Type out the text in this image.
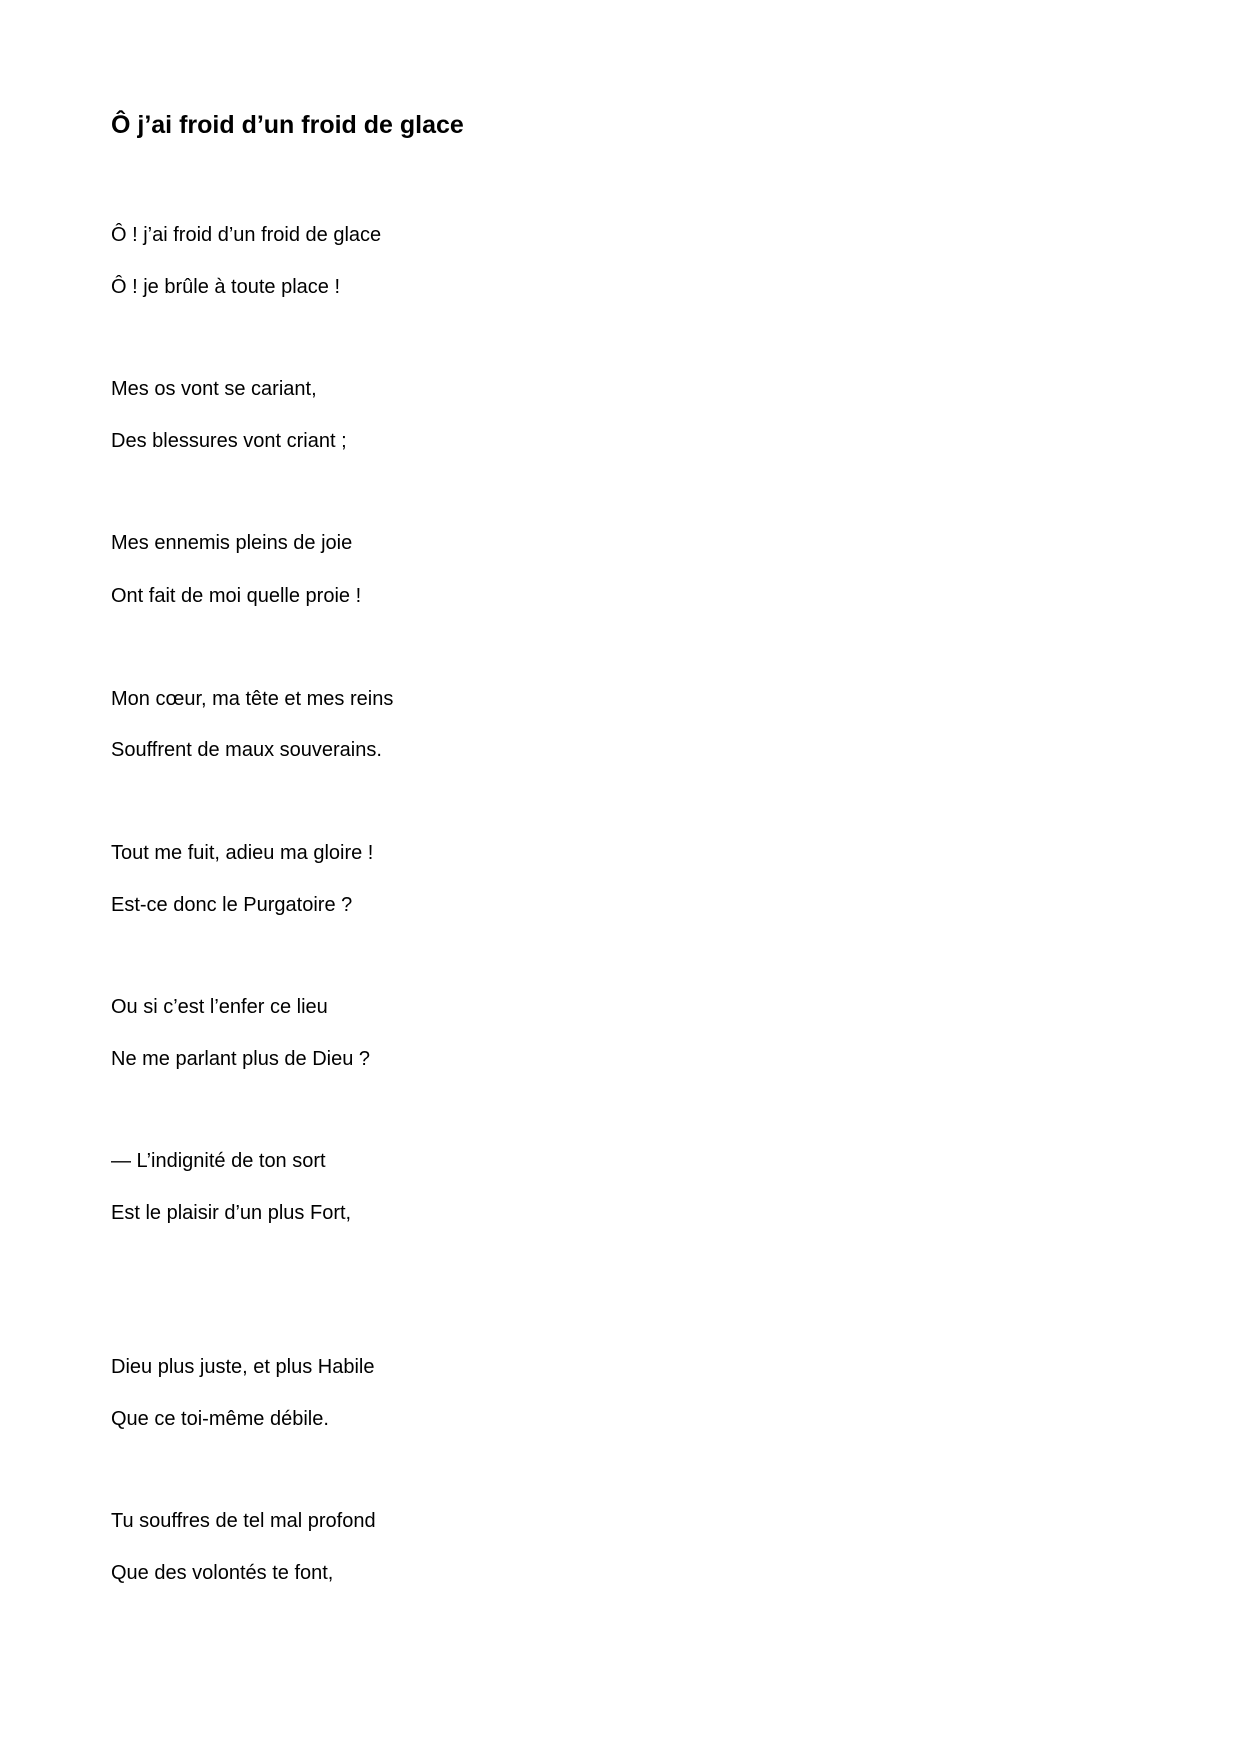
Ô j’ai froid d’un froid de glace

Ô ! j’ai froid d’un froid de glace

Ô ! je brûle à toute place !

Mes os vont se cariant,

Des blessures vont criant ;

Mes ennemis pleins de joie

Ont fait de moi quelle proie !

Mon cœur, ma tête et mes reins

Souffrent de maux souverains.

Tout me fuit, adieu ma gloire !

Est-ce donc le Purgatoire ?

Ou si c’est l’enfer ce lieu

Ne me parlant plus de Dieu ?

— L’indignité de ton sort

Est le plaisir d’un plus Fort,

Dieu plus juste, et plus Habile

Que ce toi-même débile.

Tu souffres de tel mal profond

Que des volontés te font,
